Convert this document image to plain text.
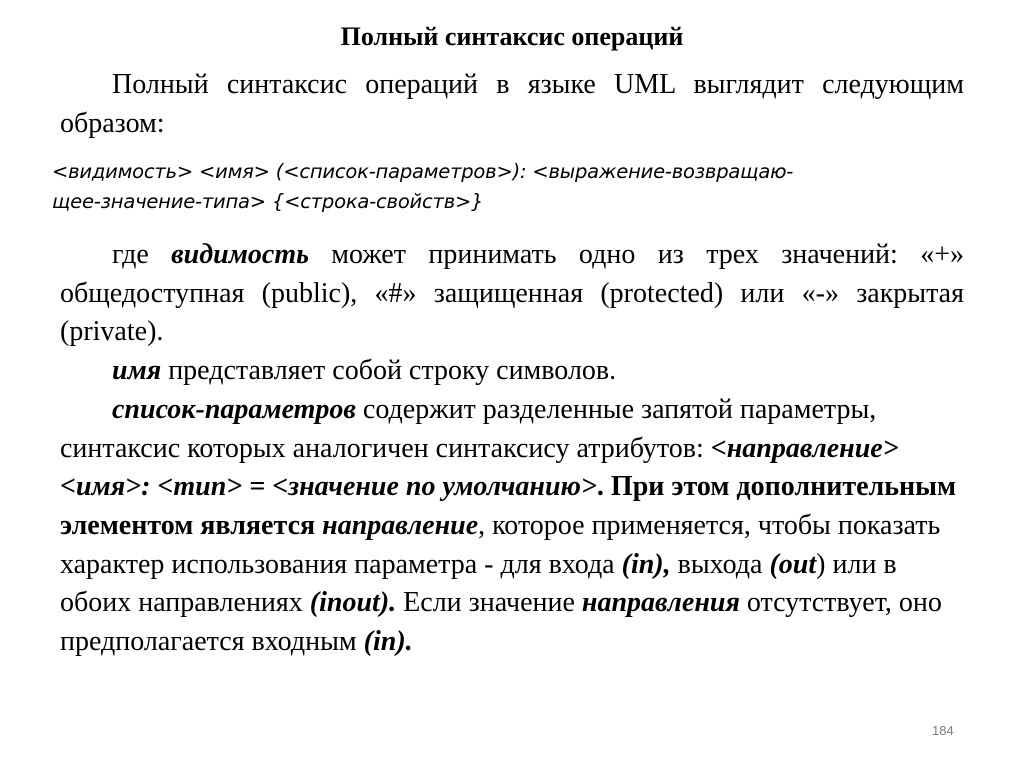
Полный синтаксис операций
Полный синтаксис операций в языке UML выглядит следующим образом:
<видимость> <имя> (<список-параметров>): <выражение-возвращаю-
щее-значение-типа> {<строка-свойств>}

где видимость может принимать одно из трех значений: «+» общедоступная (public), «#» защищенная (protected) или «-» закрытая (private).

имя представляет собой строку символов.

список-параметров содержит разделенные запятой параметры, синтаксис которых аналогичен синтаксису атрибутов: <направление> <имя>: <тип> = <значение по умолчанию>. При этом дополнительным элементом является направление, которое применяется, чтобы показать характер использования параметра - для входа (in), выхода (out) или в обоих направлениях (inout). Если значение направления отсутствует, оно предполагается входным (in).

184
